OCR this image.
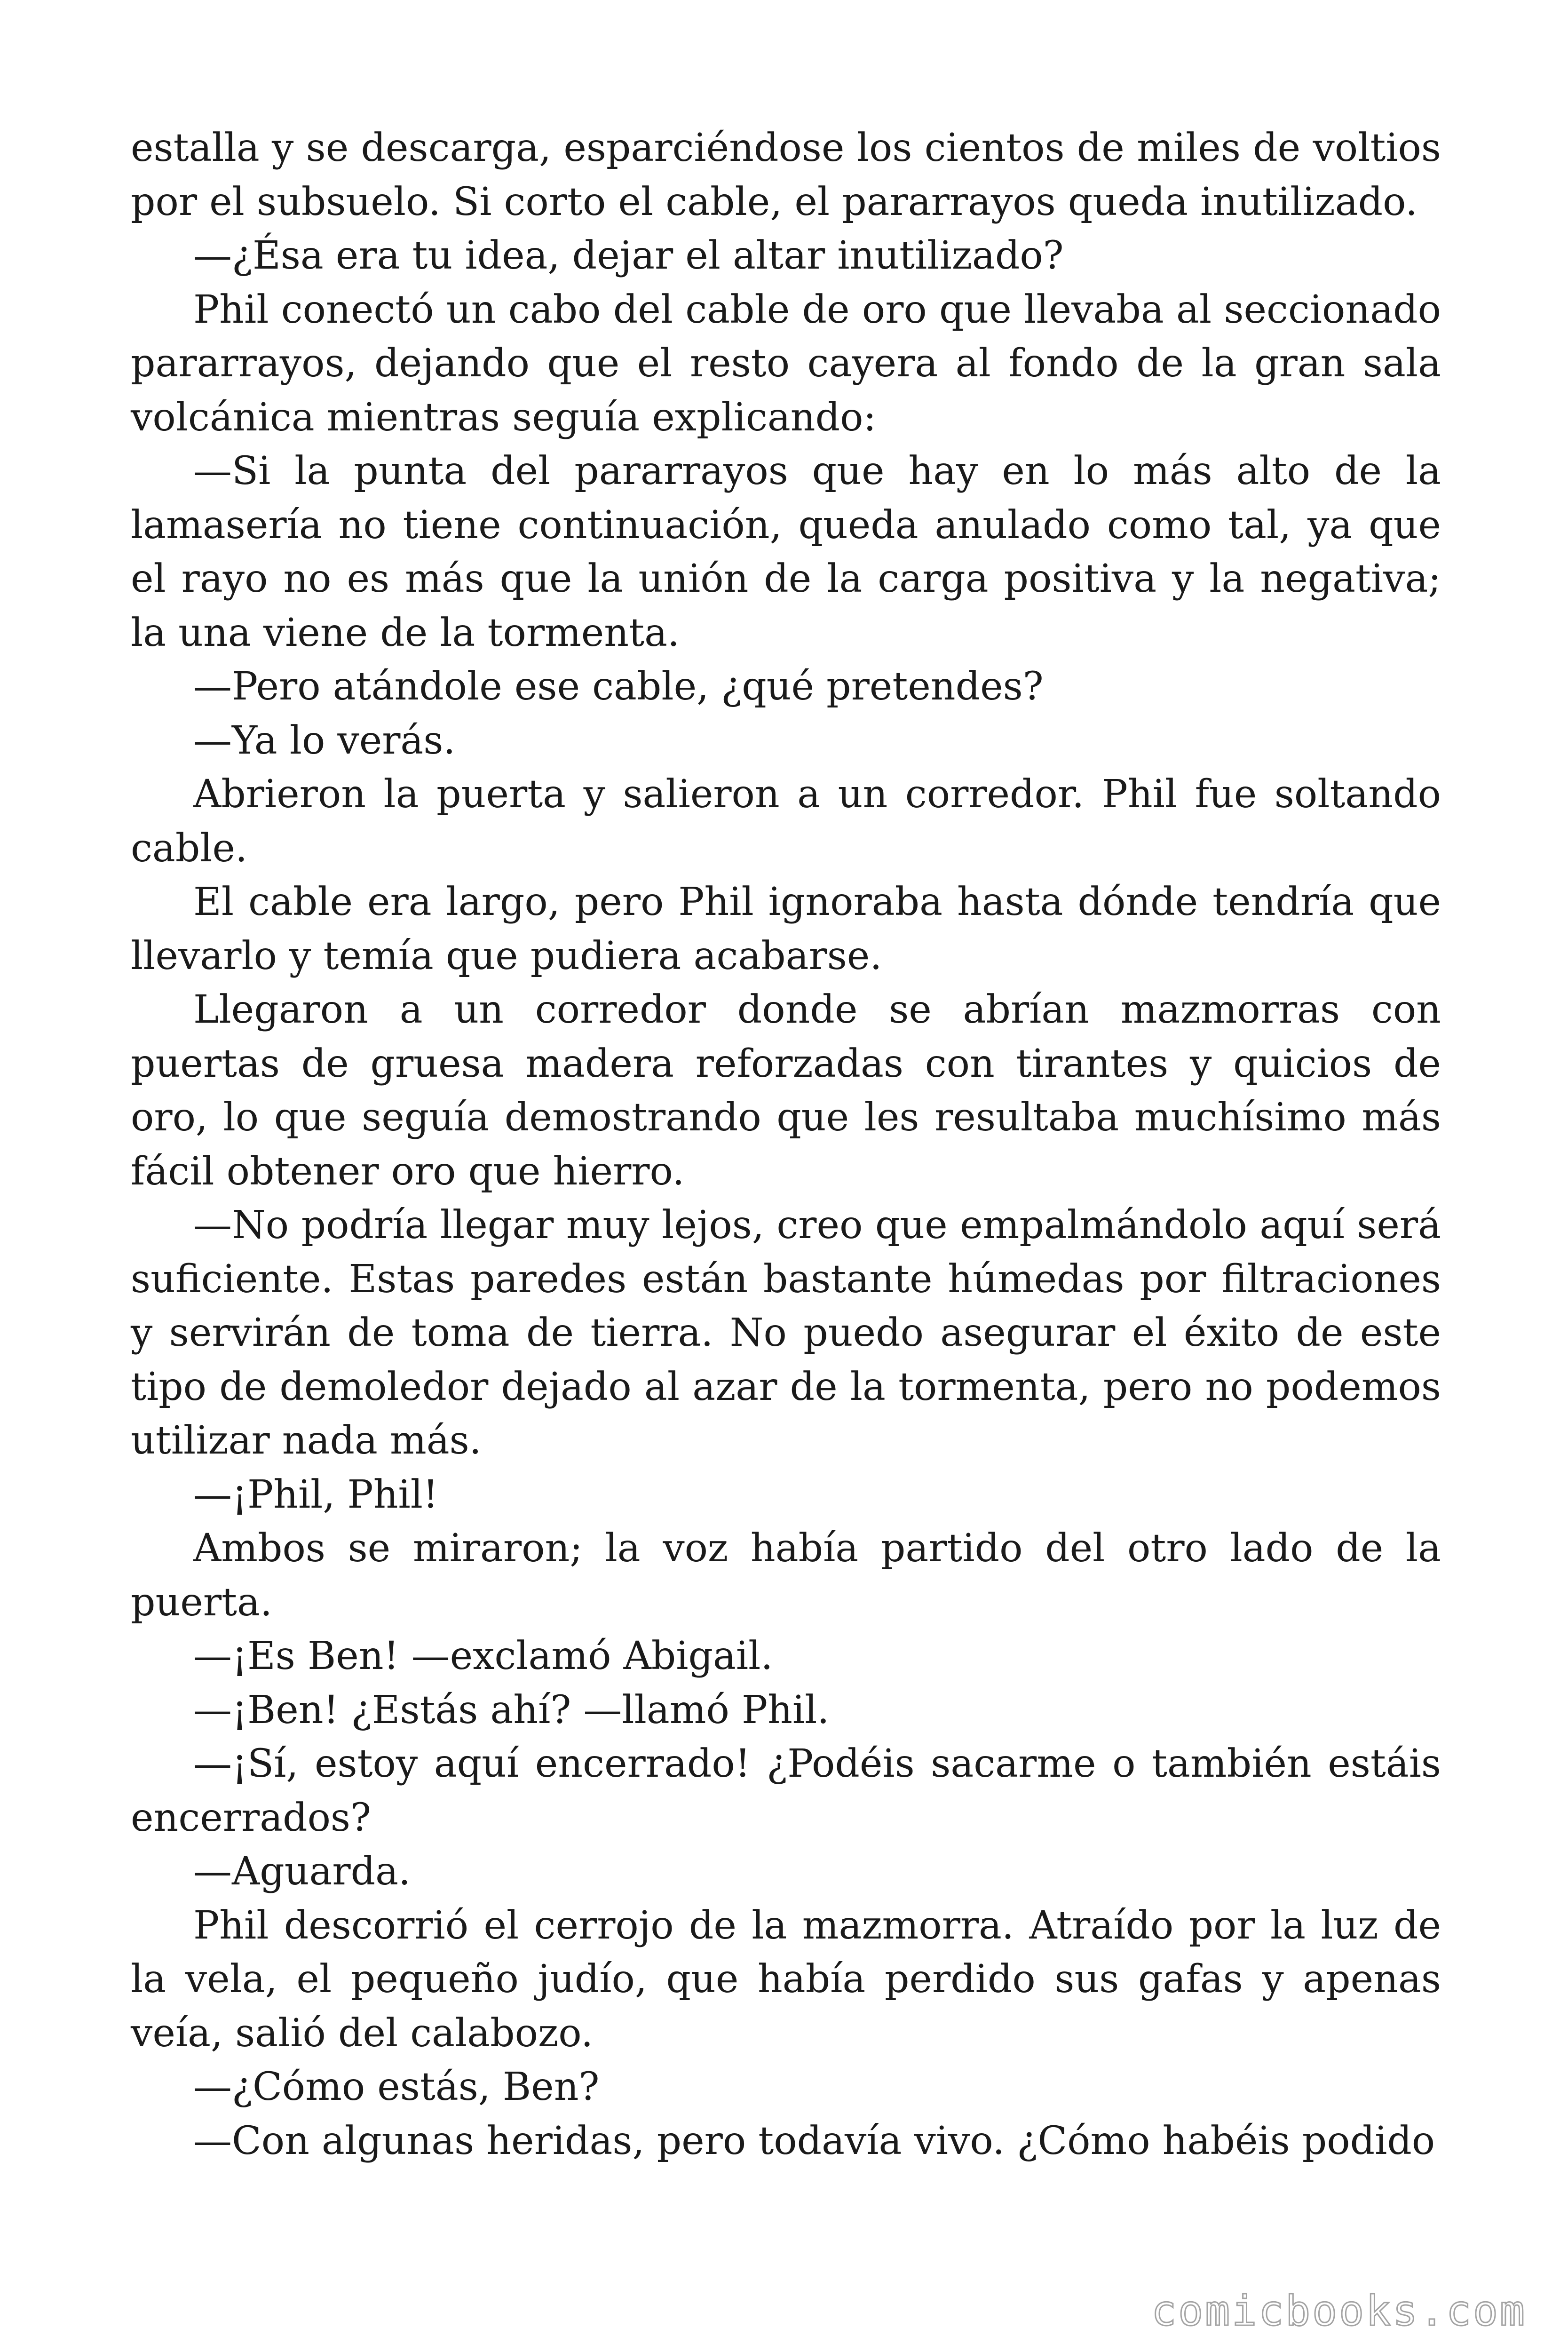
estalla y se descarga, esparciéndose los cientos de miles de voltios por el subsuelo. Si corto el cable, el pararrayos queda inutilizado.

—¿Ésa era tu idea, dejar el altar inutilizado?

Phil conectó un cabo del cable de oro que llevaba al seccionado pararrayos, dejando que el resto cayera al fondo de la gran sala volcánica mientras seguía explicando:

—Si la punta del pararrayos que hay en lo más alto de la lamasería no tiene continuación, queda anulado como tal, ya que el rayo no es más que la unión de la carga positiva y la negativa; la una viene de la tormenta.

—Pero atándole ese cable, ¿qué pretendes?

—Ya lo verás.

Abrieron la puerta y salieron a un corredor. Phil fue soltando cable.

El cable era largo, pero Phil ignoraba hasta dónde tendría que llevarlo y temía que pudiera acabarse.

Llegaron a un corredor donde se abrían mazmorras con puertas de gruesa madera reforzadas con tirantes y quicios de oro, lo que seguía demostrando que les resultaba muchísimo más fácil obtener oro que hierro.

—No podría llegar muy lejos, creo que empalmándolo aquí será suficiente. Estas paredes están bastante húmedas por filtraciones y servirán de toma de tierra. No puedo asegurar el éxito de este tipo de demoledor dejado al azar de la tormenta, pero no podemos utilizar nada más.

—¡Phil, Phil!

Ambos se miraron; la voz había partido del otro lado de la puerta.

—¡Es Ben! —exclamó Abigail.

—¡Ben! ¿Estás ahí? —llamó Phil.

—¡Sí, estoy aquí encerrado! ¿Podéis sacarme o también estáis encerrados?

—Aguarda.

Phil descorrió el cerrojo de la mazmorra. Atraído por la luz de la vela, el pequeño judío, que había perdido sus gafas y apenas veía, salió del calabozo.

—¿Cómo estás, Ben?

—Con algunas heridas, pero todavía vivo. ¿Cómo habéis podido

comicbooks.com
